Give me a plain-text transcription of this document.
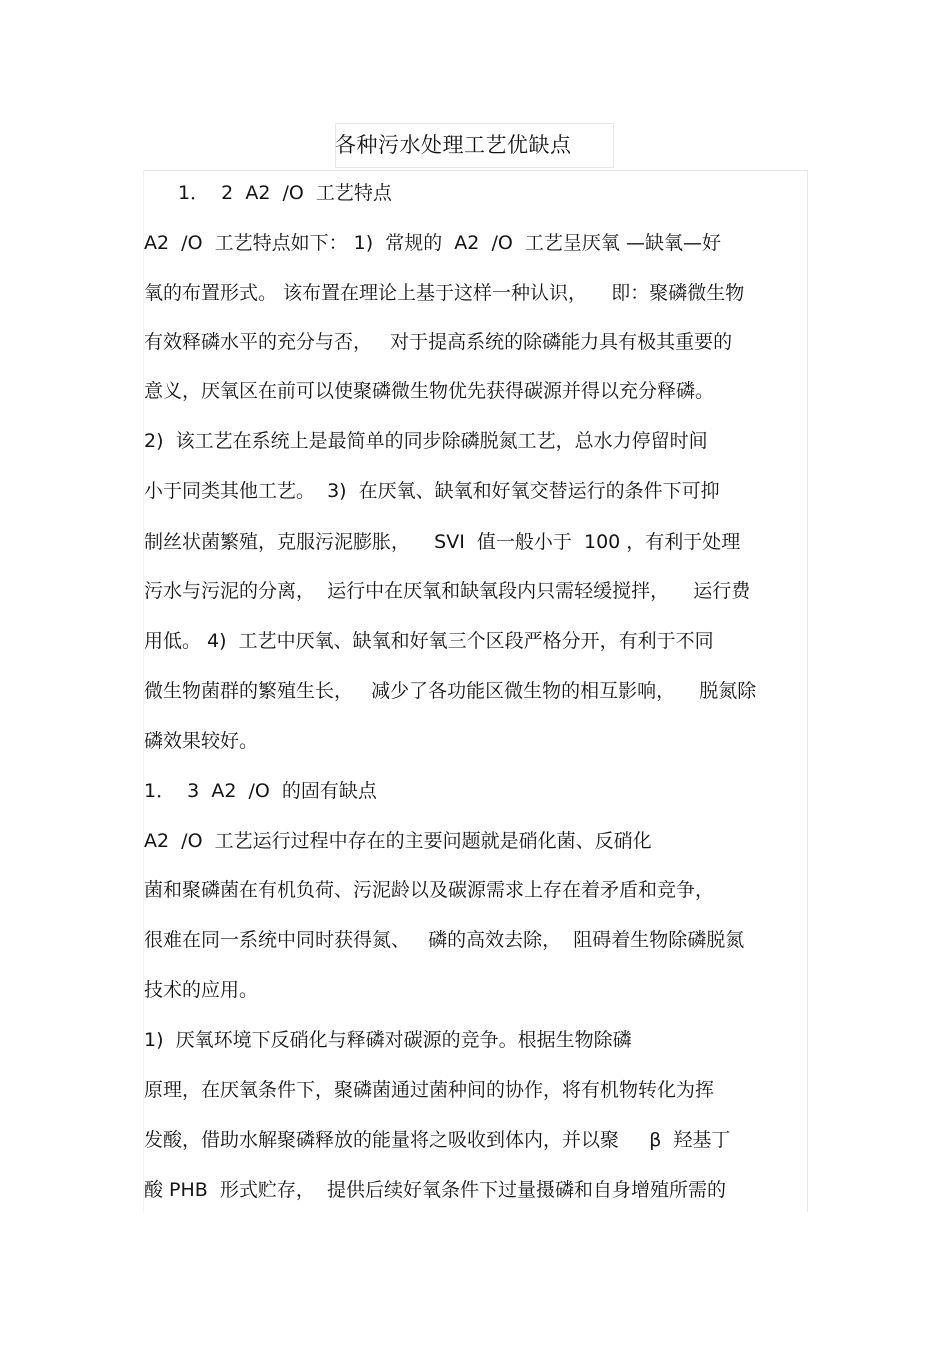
各种污水处理工艺优缺点
1．  2  A2  /O  工艺特点
A2  /O  工艺特点如下： 1)  常规的  A2  /O  工艺呈厌氧 —缺氧—好
氧的布置形式。 该布置在理论上基于这样一种认识，    即：聚磷微生物
有效释磷水平的充分与否，   对于提高系统的除磷能力具有极其重要的
意义，厌氧区在前可以使聚磷微生物优先获得碳源并得以充分释磷。
2)  该工艺在系统上是最简单的同步除磷脱氮工艺，总水力停留时间
小于同类其他工艺。  3)  在厌氧、缺氧和好氧交替运行的条件下可抑
制丝状菌繁殖，克服污泥膨胀，    SVI  值一般小于  100 ，有利于处理
污水与污泥的分离，  运行中在厌氧和缺氧段内只需轻缓搅拌，    运行费
用低。 4)  工艺中厌氧、缺氧和好氧三个区段严格分开，有利于不同
微生物菌群的繁殖生长，   减少了各功能区微生物的相互影响，    脱氮除
磷效果较好。
1．  3  A2  /O  的固有缺点
A2  /O  工艺运行过程中存在的主要问题就是硝化菌、反硝化
菌和聚磷菌在有机负荷、污泥龄以及碳源需求上存在着矛盾和竞争，
很难在同一系统中同时获得氮、   磷的高效去除，  阻碍着生物除磷脱氮
技术的应用。
1)  厌氧环境下反硝化与释磷对碳源的竞争。根据生物除磷
原理，在厌氧条件下，聚磷菌通过菌种间的协作，将有机物转化为挥
发酸，借助水解聚磷释放的能量将之吸收到体内，并以聚     β  羟基丁
酸 PHB  形式贮存，  提供后续好氧条件下过量摄磷和自身增殖所需的
